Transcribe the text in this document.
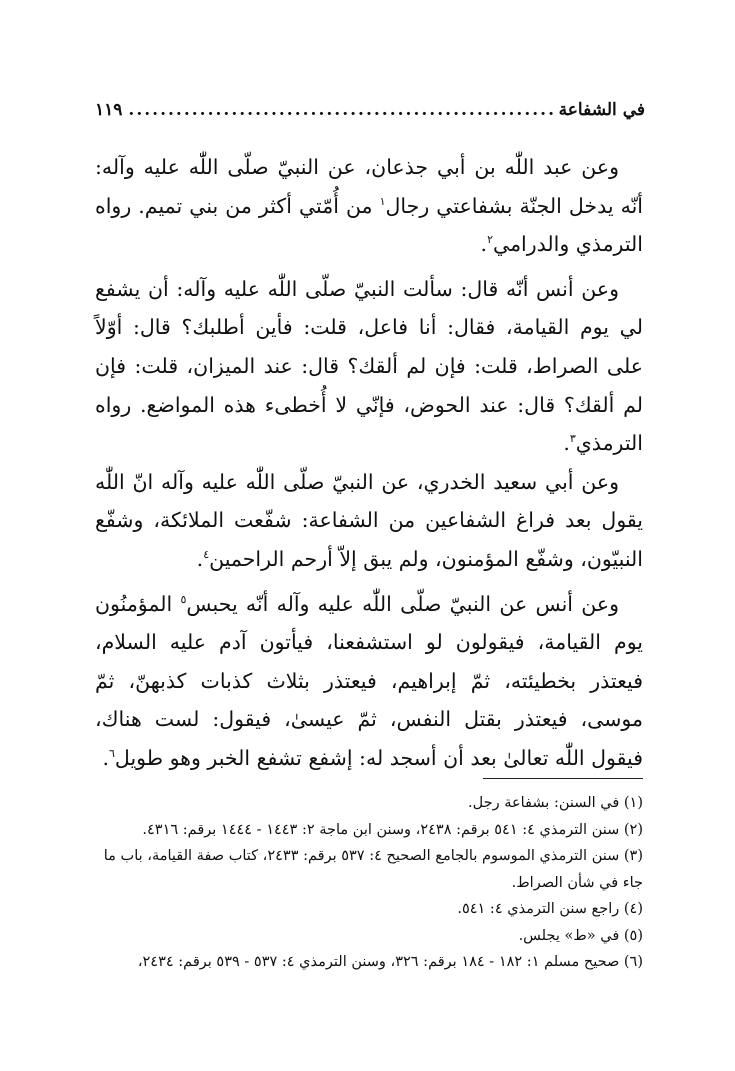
في الشفاعة
.....
١١٩

وعن عبد اللّٰه بن أبي جذعان، عن النبيّ صلّى اللّٰه عليه وآله: أنّه يدخل الجنّة بشفاعتي رجال$^١$ من أُمّتي أكثر من بني تميم. رواه الترمذي والدرامي$^٢$.

وعن أنس أنّه قال: سألت النبيّ صلّى اللّٰه عليه وآله: أن يشفع لي يوم القيامة، فقال: أنا فاعل، قلت: فأين أطلبك؟ قال: أوّلاً على الصراط، قلت: فإن لم ألقك؟ قال: عند الميزان، قلت: فإن لم ألقك؟ قال: عند الحوض، فإنّي لا أُخطىء هذه المواضع. رواه الترمذي$^٣$.

وعن أبي سعيد الخدري، عن النبيّ صلّى اللّٰه عليه وآله انّ اللّٰه يقول بعد فراغ الشفاعين من الشفاعة: شفّعت الملائكة، وشفّع النبيّون، وشفّع المؤمنون، ولم يبق إلاّ أرحم الراحمين$^٤$.

وعن أنس عن النبيّ صلّى اللّٰه عليه وآله أنّه يحبس$^٥$ المؤمنُون يوم القيامة، فيقولون لو استشفعنا، فيأتون آدم عليه السلام، فيعتذر بخطيئته، ثمّ إبراهيم، فيعتذر بثلاث كذبات كذبهنّ، ثمّ موسى، فيعتذر بقتل النفس، ثمّ عيسىٰ، فيقول: لست هناك، فيقول اللّٰه تعالىٰ بعد أن أسجد له: إشفع تشفع الخبر وهو طويل$^٦$.

(١) في السنن: بشفاعة رجل.
(٢) سنن الترمذي ٤: ٥٤١ برقم: ٢٤٣٨، وسنن ابن ماجة ٢: ١٤٤٣ - ١٤٤٤ برقم: ٤٣١٦.
(٣) سنن الترمذي الموسوم بالجامع الصحيح ٤: ٥٣٧ برقم: ٢٤٣٣، كتاب صفة القيامة، باب ما جاء في شأن الصراط.
(٤) راجع سنن الترمذي ٤: ٥٤١.
(٥) في «ط» يجلس.
(٦) صحيح مسلم ١: ١٨٢ - ١٨٤ برقم: ٣٢٦، وسنن الترمذي ٤: ٥٣٧ - ٥٣٩ برقم: ٢٤٣٤،
